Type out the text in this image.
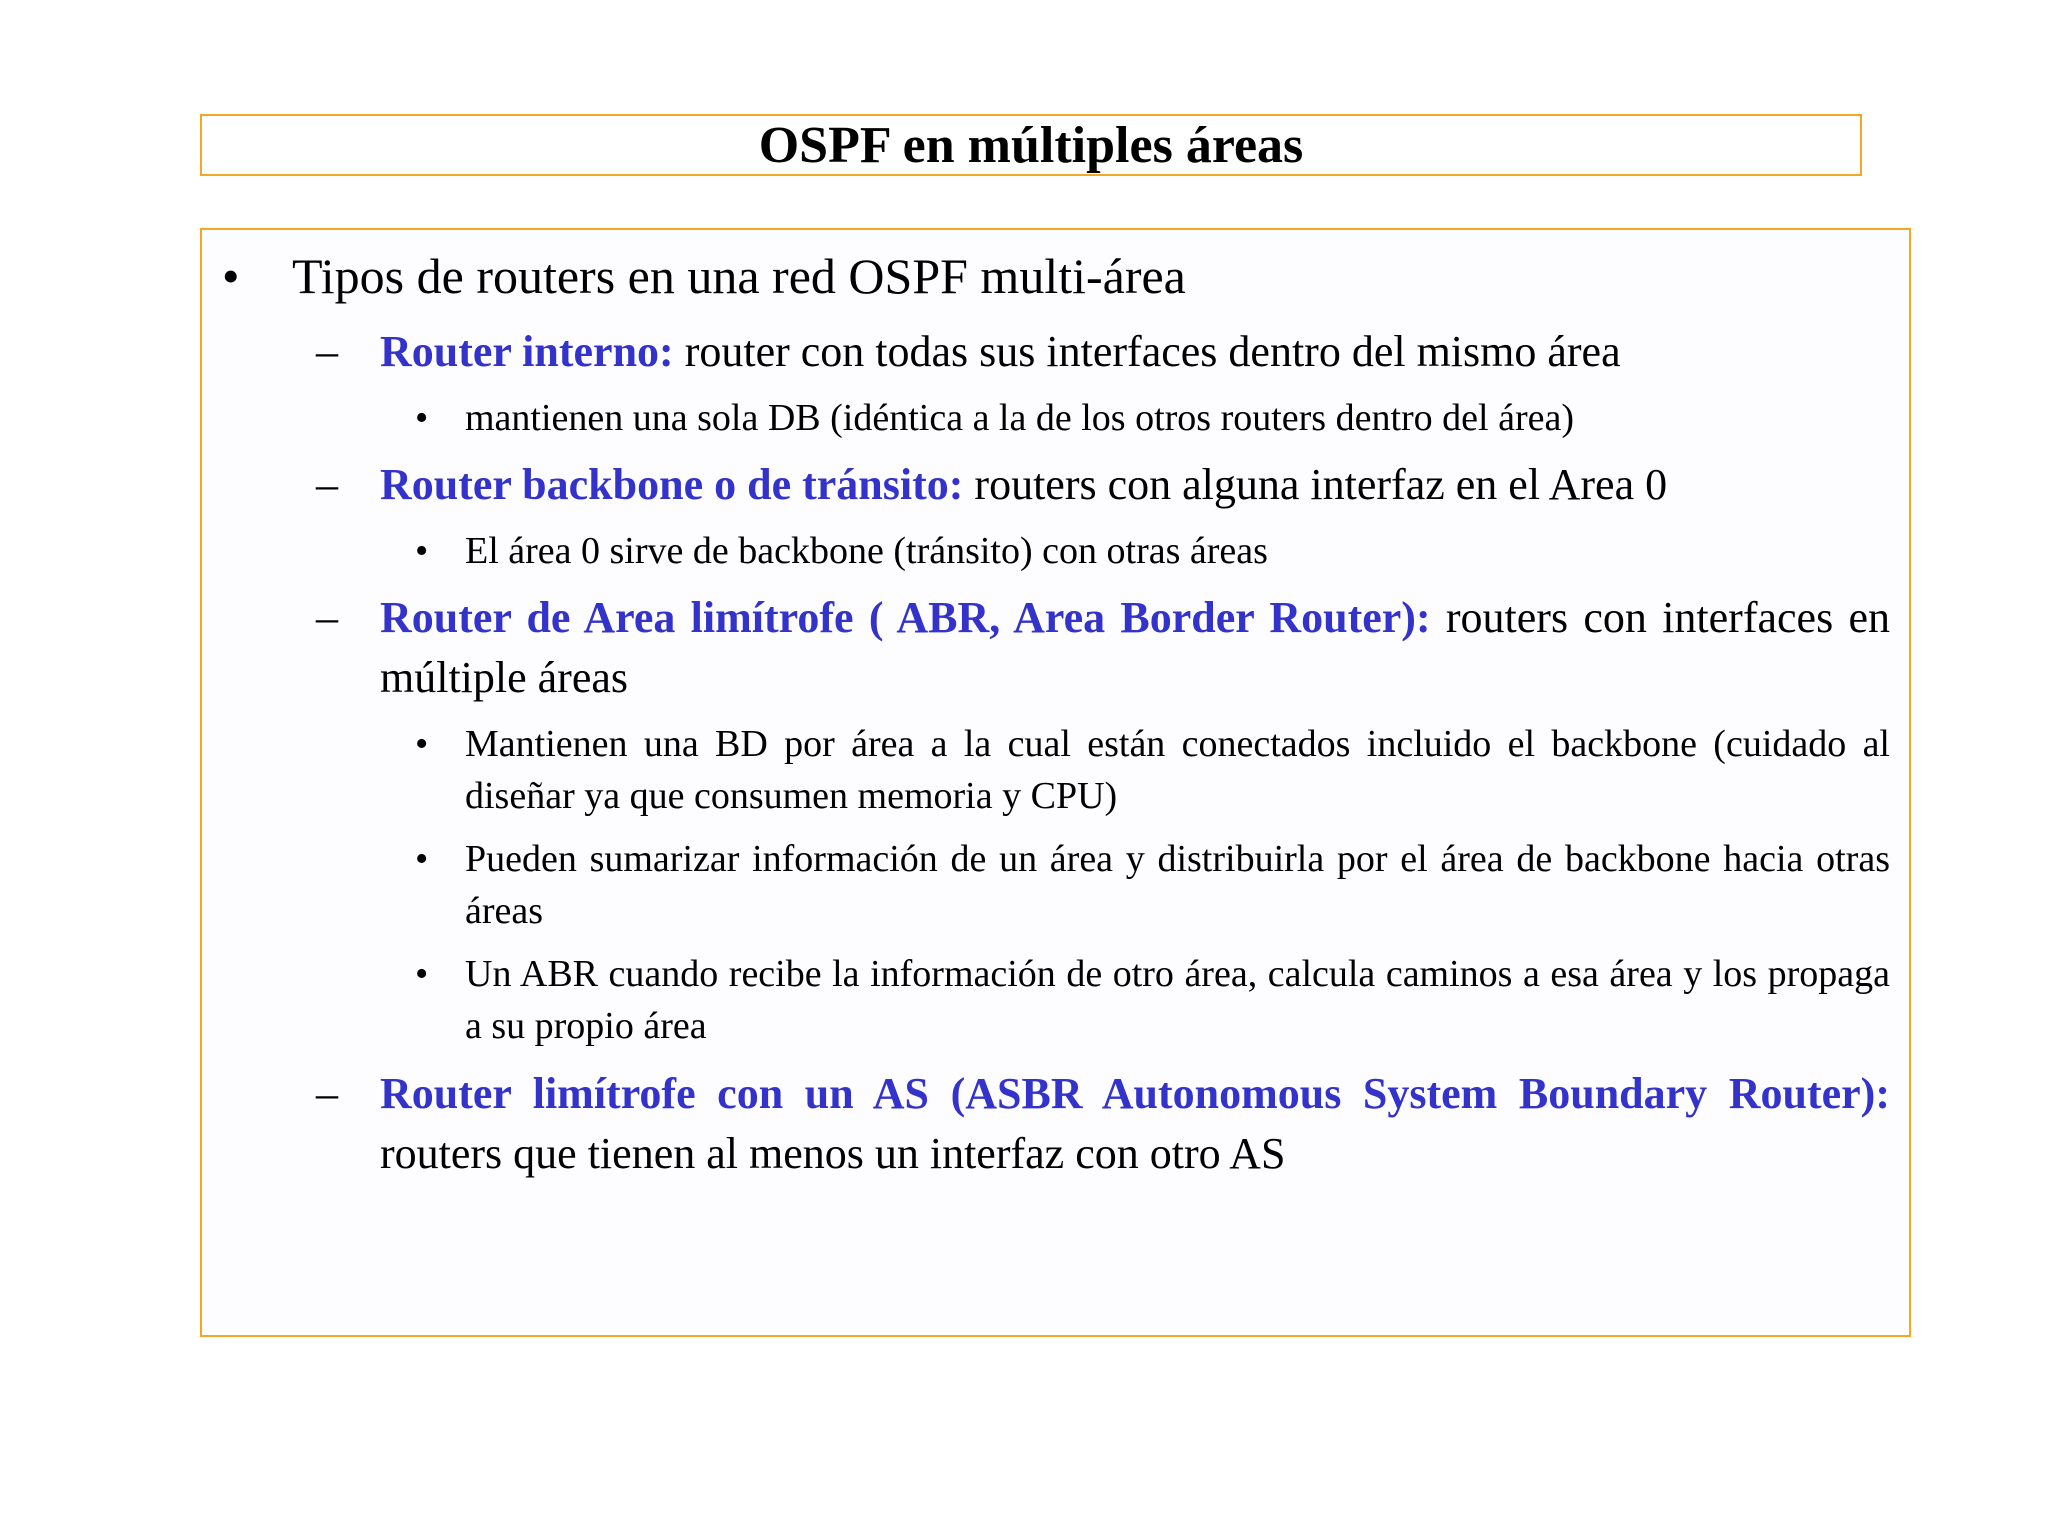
OSPF en múltiples áreas
• Tipos de routers en una red OSPF multi-área
– Router interno: router con todas sus interfaces dentro del mismo área
• mantienen una sola DB (idéntica a la de los otros routers dentro del área)
– Router backbone o de tránsito: routers con alguna interfaz en el Area 0
• El área 0 sirve de backbone (tránsito) con otras áreas
– Router de Area limítrofe ( ABR, Area Border Router): routers con interfaces en múltiple áreas
• Mantienen una BD por área a la cual están conectados incluido el backbone (cuidado al diseñar ya que consumen memoria y CPU)
• Pueden sumarizar información de un área y distribuirla por el área de backbone hacia otras áreas
• Un ABR cuando recibe la información de otro área, calcula caminos a esa área y los propaga a su propio área
– Router limítrofe con un AS (ASBR Autonomous System Boundary Router): routers que tienen al menos un interfaz con otro AS
